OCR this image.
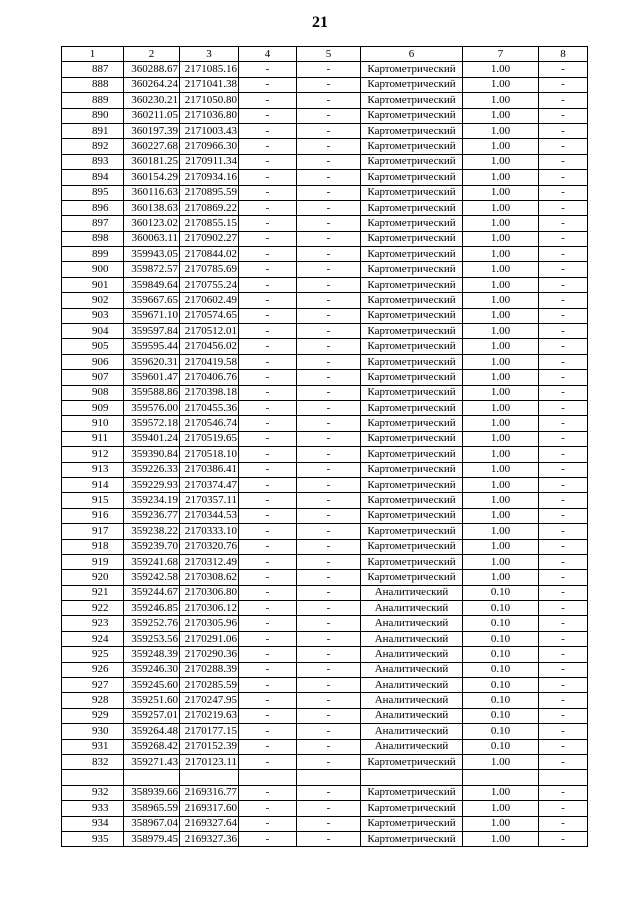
21
1	2	3	4	5	6	7	8
887	360288.67	2171085.16	-	-	Картометрический	1.00	-
888	360264.24	2171041.38	-	-	Картометрический	1.00	-
889	360230.21	2171050.80	-	-	Картометрический	1.00	-
890	360211.05	2171036.80	-	-	Картометрический	1.00	-
891	360197.39	2171003.43	-	-	Картометрический	1.00	-
892	360227.68	2170966.30	-	-	Картометрический	1.00	-
893	360181.25	2170911.34	-	-	Картометрический	1.00	-
894	360154.29	2170934.16	-	-	Картометрический	1.00	-
895	360116.63	2170895.59	-	-	Картометрический	1.00	-
896	360138.63	2170869.22	-	-	Картометрический	1.00	-
897	360123.02	2170855.15	-	-	Картометрический	1.00	-
898	360063.11	2170902.27	-	-	Картометрический	1.00	-
899	359943.05	2170844.02	-	-	Картометрический	1.00	-
900	359872.57	2170785.69	-	-	Картометрический	1.00	-
901	359849.64	2170755.24	-	-	Картометрический	1.00	-
902	359667.65	2170602.49	-	-	Картометрический	1.00	-
903	359671.10	2170574.65	-	-	Картометрический	1.00	-
904	359597.84	2170512.01	-	-	Картометрический	1.00	-
905	359595.44	2170456.02	-	-	Картометрический	1.00	-
906	359620.31	2170419.58	-	-	Картометрический	1.00	-
907	359601.47	2170406.76	-	-	Картометрический	1.00	-
908	359588.86	2170398.18	-	-	Картометрический	1.00	-
909	359576.00	2170455.36	-	-	Картометрический	1.00	-
910	359572.18	2170546.74	-	-	Картометрический	1.00	-
911	359401.24	2170519.65	-	-	Картометрический	1.00	-
912	359390.84	2170518.10	-	-	Картометрический	1.00	-
913	359226.33	2170386.41	-	-	Картометрический	1.00	-
914	359229.93	2170374.47	-	-	Картометрический	1.00	-
915	359234.19	2170357.11	-	-	Картометрический	1.00	-
916	359236.77	2170344.53	-	-	Картометрический	1.00	-
917	359238.22	2170333.10	-	-	Картометрический	1.00	-
918	359239.70	2170320.76	-	-	Картометрический	1.00	-
919	359241.68	2170312.49	-	-	Картометрический	1.00	-
920	359242.58	2170308.62	-	-	Картометрический	1.00	-
921	359244.67	2170306.80	-	-	Аналитический	0.10	-
922	359246.85	2170306.12	-	-	Аналитический	0.10	-
923	359252.76	2170305.96	-	-	Аналитический	0.10	-
924	359253.56	2170291.06	-	-	Аналитический	0.10	-
925	359248.39	2170290.36	-	-	Аналитический	0.10	-
926	359246.30	2170288.39	-	-	Аналитический	0.10	-
927	359245.60	2170285.59	-	-	Аналитический	0.10	-
928	359251.60	2170247.95	-	-	Аналитический	0.10	-
929	359257.01	2170219.63	-	-	Аналитический	0.10	-
930	359264.48	2170177.15	-	-	Аналитический	0.10	-
931	359268.42	2170152.39	-	-	Аналитический	0.10	-
832	359271.43	2170123.11	-	-	Картометрический	1.00	-

932	358939.66	2169316.77	-	-	Картометрический	1.00	-
933	358965.59	2169317.60	-	-	Картометрический	1.00	-
934	358967.04	2169327.64	-	-	Картометрический	1.00	-
935	358979.45	2169327.36	-	-	Картометрический	1.00	-
